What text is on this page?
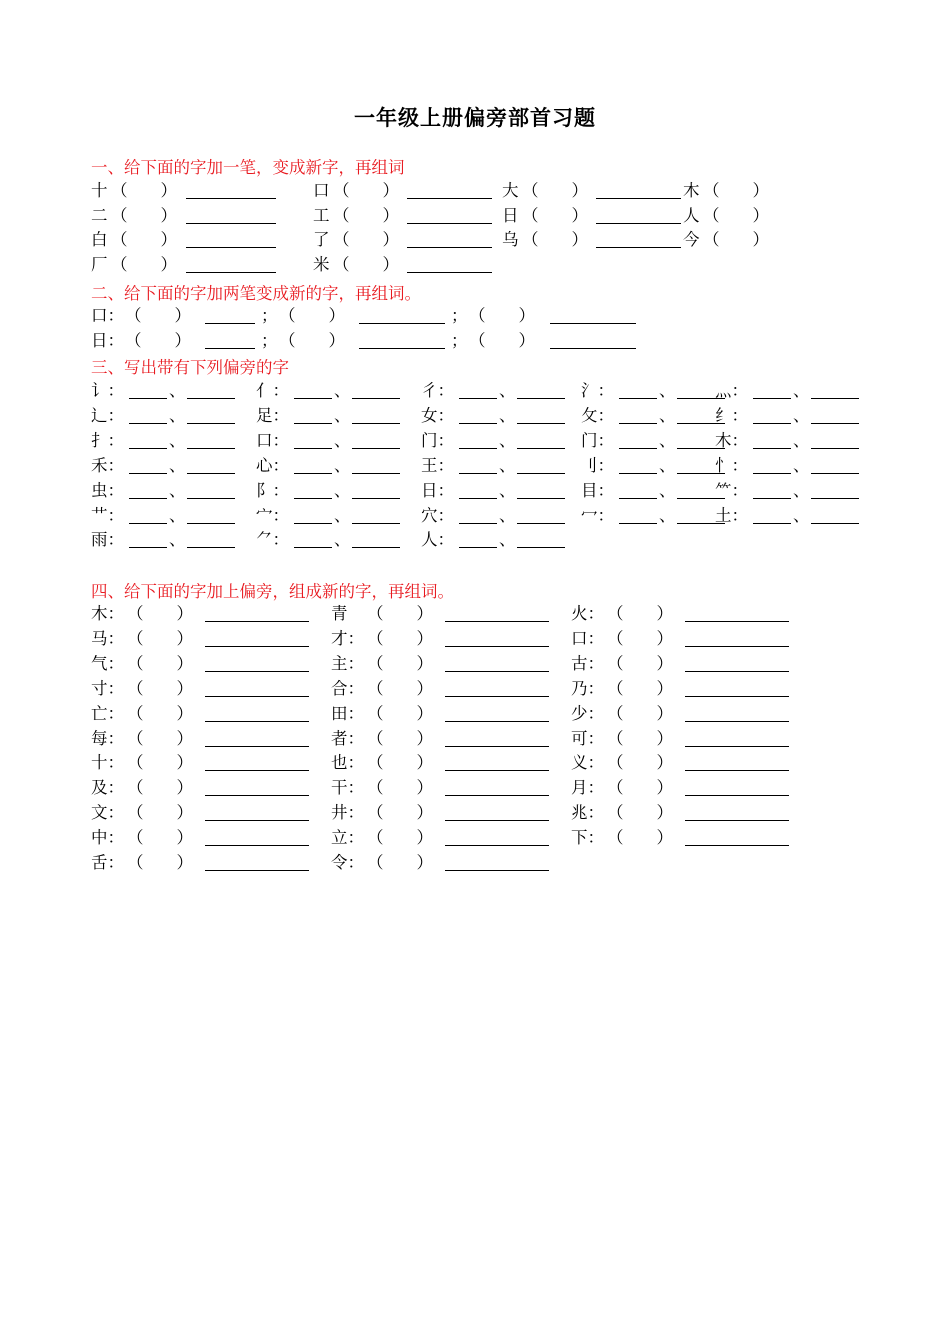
一年级上册偏旁部首习题
一、给下面的字加一笔，变成新字，再组词
十 （　　）	口 （　　）	大 （　　）	木 （　　）
二 （　　）	工 （　　）	日 （　　）	人 （　　）
白 （　　）	了 （　　）	乌 （　　）	今 （　　）
厂 （　　）	米 （　　）
二、给下面的字加两笔变成新的字，再组词。
口： （　　）	； （　　）	； （　　）
日： （　　）	； （　　）	； （　　）
三、写出带有下列偏旁的字
讠：	、	亻：	、	彳：	、	氵：	、 灬：	、
辶：	、	足：	、	女：	、	攵：	、 纟：	、
扌：	、	口：	、	门：	、	门：	、 木：	、
禾：	、	心：	、	王：	、	刂：	、 忄：	、
虫：	、	阝：	、	日：	、	目：	、 ⺮：	、
艹：	、	宀：	、	穴：	、	冖：	、 土：	、
雨：	、	⺈：	、	人：	、
四、给下面的字加上偏旁，组成新的字，再组词。
木： （　　）	青 （　　）	火： （　　）
马： （　　）	才： （　　）	口： （　　）
气： （　　）	主： （　　）	古： （　　）
寸： （　　）	合： （　　）	乃： （　　）
亡： （　　）	田： （　　）	少： （　　）
每： （　　）	者： （　　）	可： （　　）
十： （　　）	也： （　　）	义： （　　）
及： （　　）	干： （　　）	月： （　　）
文： （　　）	井： （　　）	兆： （　　）
中： （　　）	立： （　　）	下： （　　）
舌： （　　）	令： （　　）
